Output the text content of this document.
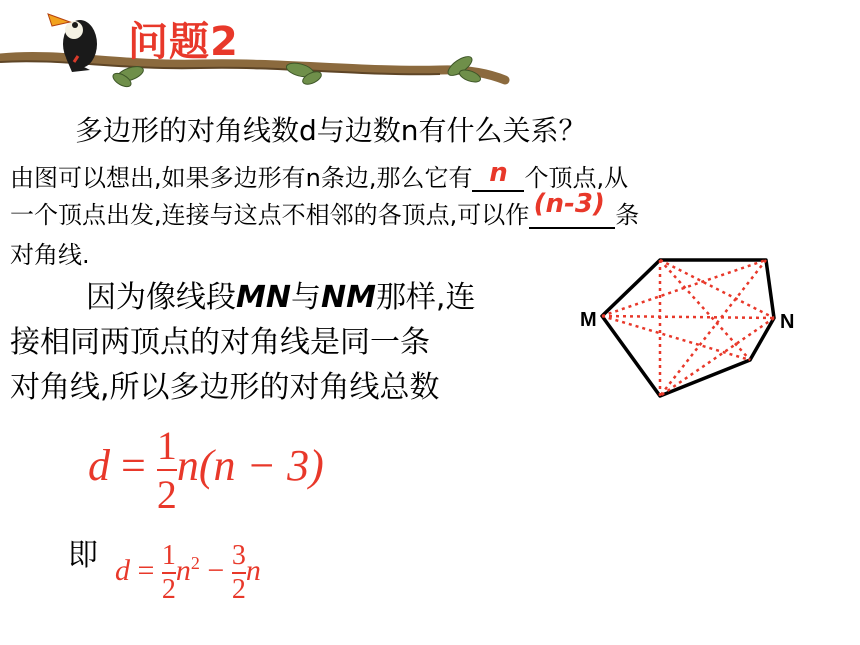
问题2
多边形的对角线数d与边数n有什么关系？
由图可以想出,如果多边形有n条边,那么它有 n 个顶点,从
一个顶点出发,连接与这点不相邻的各顶点,可以作 (n-3) 条
对角线.
因为像线段MN与NM那样,连
接相同两顶点的对角线是同一条
对角线,所以多边形的对角线总数
$d = \frac{1}{2} n(n - 3)$
即 $d = \frac{1}{2} n^2 - \frac{3}{2}$ n
M	N
